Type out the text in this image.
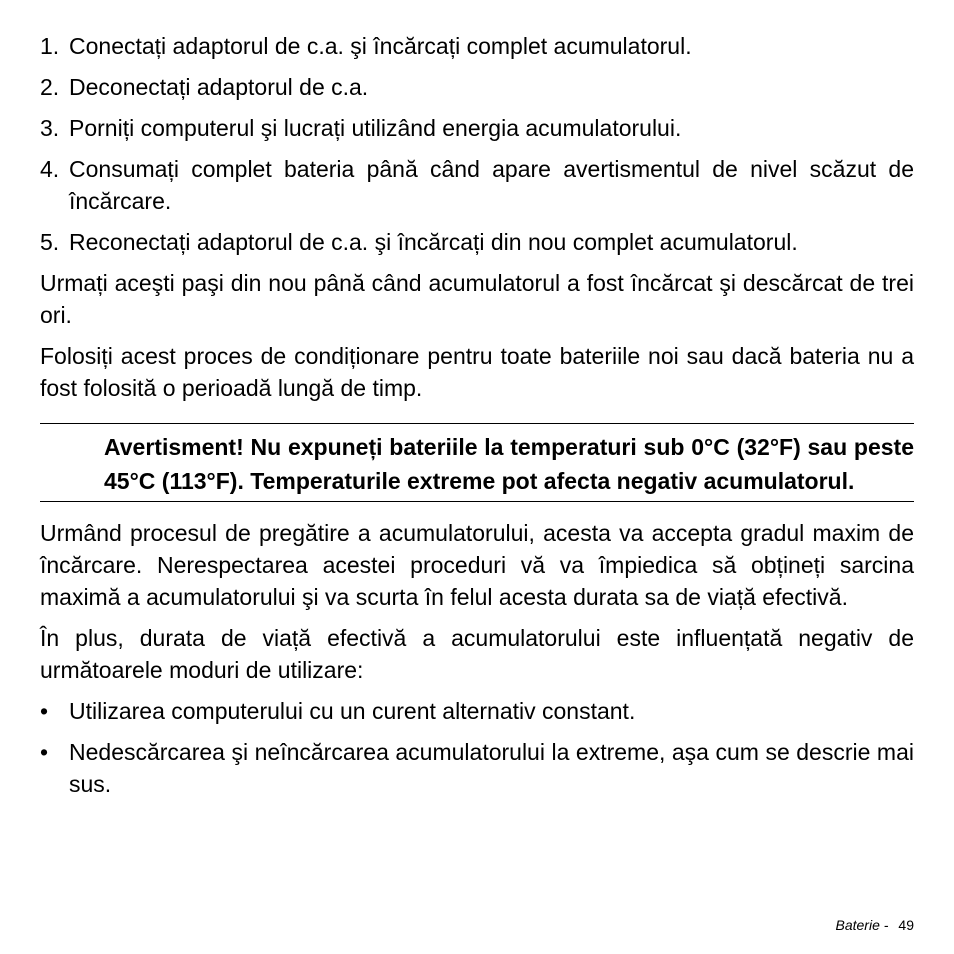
1. Conectați adaptorul de c.a. şi încărcați complet acumulatorul.
2. Deconectați adaptorul de c.a.
3. Porniți computerul şi lucrați utilizând energia acumulatorului.
4. Consumați complet bateria până când apare avertismentul de nivel scăzut de încărcare.
5. Reconectați adaptorul de c.a. şi încărcați din nou complet acumulatorul.

Urmați aceşti paşi din nou până când acumulatorul a fost încărcat şi descărcat de trei ori.

Folosiți acest proces de condiționare pentru toate bateriile noi sau dacă bateria nu a fost folosită o perioadă lungă de timp.

Avertisment! Nu expuneți bateriile la temperaturi sub 0°C (32°F) sau peste 45°C (113°F). Temperaturile extreme pot afecta negativ acumulatorul.

Urmând procesul de pregătire a acumulatorului, acesta va accepta gradul maxim de încărcare. Nerespectarea acestei proceduri vă va împiedica să obțineți sarcina maximă a acumulatorului şi va scurta în felul acesta durata sa de viață efectivă.

În plus, durata de viață efectivă a acumulatorului este influențată negativ de următoarele moduri de utilizare:

• Utilizarea computerului cu un curent alternativ constant.
• Nedescărcarea şi neîncărcarea acumulatorului la extreme, aşa cum se descrie mai sus.
Baterie - 49
